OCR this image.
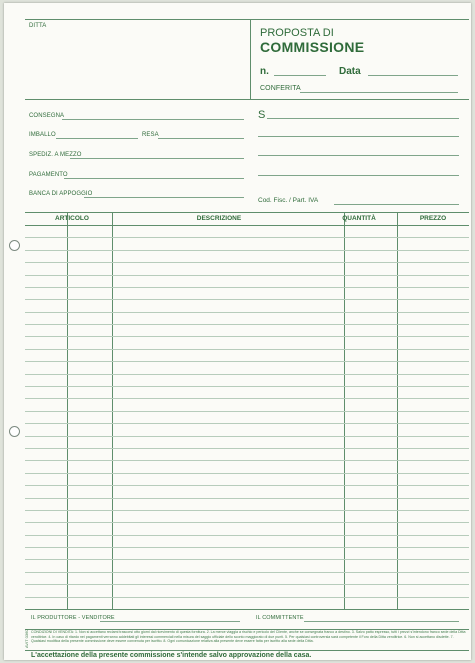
DITTA
PROPOSTA DI
COMMISSIONE
n.	Data
CONFERITA
CONSEGNA
IMBALLO	RESA
SPEDIZ. A MEZZO
PAGAMENTO
BANCA DI APPOGGIO
S
Cod. Fisc. / Part. IVA
ARTICOLO	DESCRIZIONE	QUANTITÀ	PREZZO
IL PRODUTTORE - VENDITORE	IL COMMITTENTE
AVIT 0360 CONDIZIONI DI VENDITA: 1. Non si accettano reclami trascorsi otto giorni dal ricevimento di questa fornitura. 2. La merce viaggia a rischio e pericolo del Cliente, anche se consegnata franco a destino. 3. Salvo patto espresso, tutti i prezzi s'intendono franco sede della Ditta venditrice. 4. In caso di ritardo nei pagamenti verranno addebitati gli interessi commerciali nella misura del saggio ufficiale dello sconto maggiorato di due punti. 5. Per qualsiasi controversia sarà competente il Foro della Ditta venditrice. 6. Non si accettano disdette. 7. Qualsiasi modifica della presente commissione deve essere convenuta per iscritto. 8. Ogni comunicazione relativa alla presente deve essere fatta per iscritto alla sede della Ditta.
L'accettazione della presente commissione s'intende salvo approvazione della casa.
